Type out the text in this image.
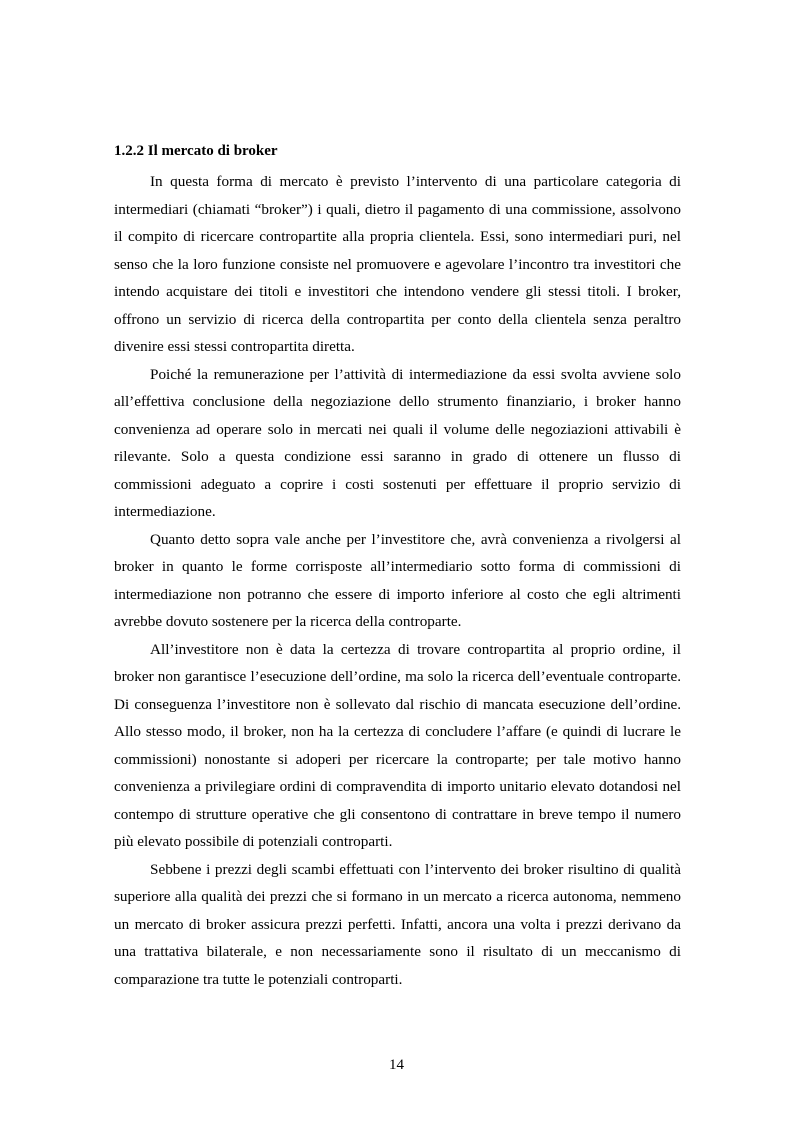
1.2.2 Il mercato di broker

In questa forma di mercato è previsto l’intervento di una particolare categoria di intermediari (chiamati “broker”) i quali, dietro il pagamento di una commissione, assolvono il compito di ricercare contropartite alla propria clientela. Essi, sono intermediari puri, nel senso che la loro funzione consiste nel promuovere e agevolare l’incontro tra investitori che intendo acquistare dei titoli e investitori che intendono vendere gli stessi titoli. I broker, offrono un servizio di ricerca della contropartita per conto della clientela senza peraltro divenire essi stessi contropartita diretta.

Poiché la remunerazione per l’attività di intermediazione da essi svolta avviene solo all’effettiva conclusione della negoziazione dello strumento finanziario, i broker hanno convenienza ad operare solo in mercati nei quali il volume delle negoziazioni attivabili è rilevante. Solo a questa condizione essi saranno in grado di ottenere un flusso di commissioni adeguato a coprire i costi sostenuti per effettuare il proprio servizio di intermediazione.

Quanto detto sopra vale anche per l’investitore che, avrà convenienza a rivolgersi al broker in quanto le forme corrisposte all’intermediario sotto forma di commissioni di intermediazione non potranno che essere di importo inferiore al costo che egli altrimenti avrebbe dovuto sostenere per la ricerca della controparte.

All’investitore non è data la certezza di trovare contropartita al proprio ordine, il broker non garantisce l’esecuzione dell’ordine, ma solo la ricerca dell’eventuale controparte. Di conseguenza l’investitore non è sollevato dal rischio di mancata esecuzione dell’ordine. Allo stesso modo, il broker, non ha la certezza di concludere l’affare (e quindi di lucrare le commissioni) nonostante si adoperi per ricercare la controparte; per tale motivo hanno convenienza a privilegiare ordini di compravendita di importo unitario elevato dotandosi nel contempo di strutture operative che gli consentono di contrattare in breve tempo il numero più elevato possibile di potenziali controparti.

Sebbene i prezzi degli scambi effettuati con l’intervento dei broker risultino di qualità superiore alla qualità dei prezzi che si formano in un mercato a ricerca autonoma, nemmeno un mercato di broker assicura prezzi perfetti. Infatti, ancora una volta i prezzi derivano da una trattativa bilaterale, e non necessariamente sono il risultato di un meccanismo di comparazione tra tutte le potenziali controparti.

14
